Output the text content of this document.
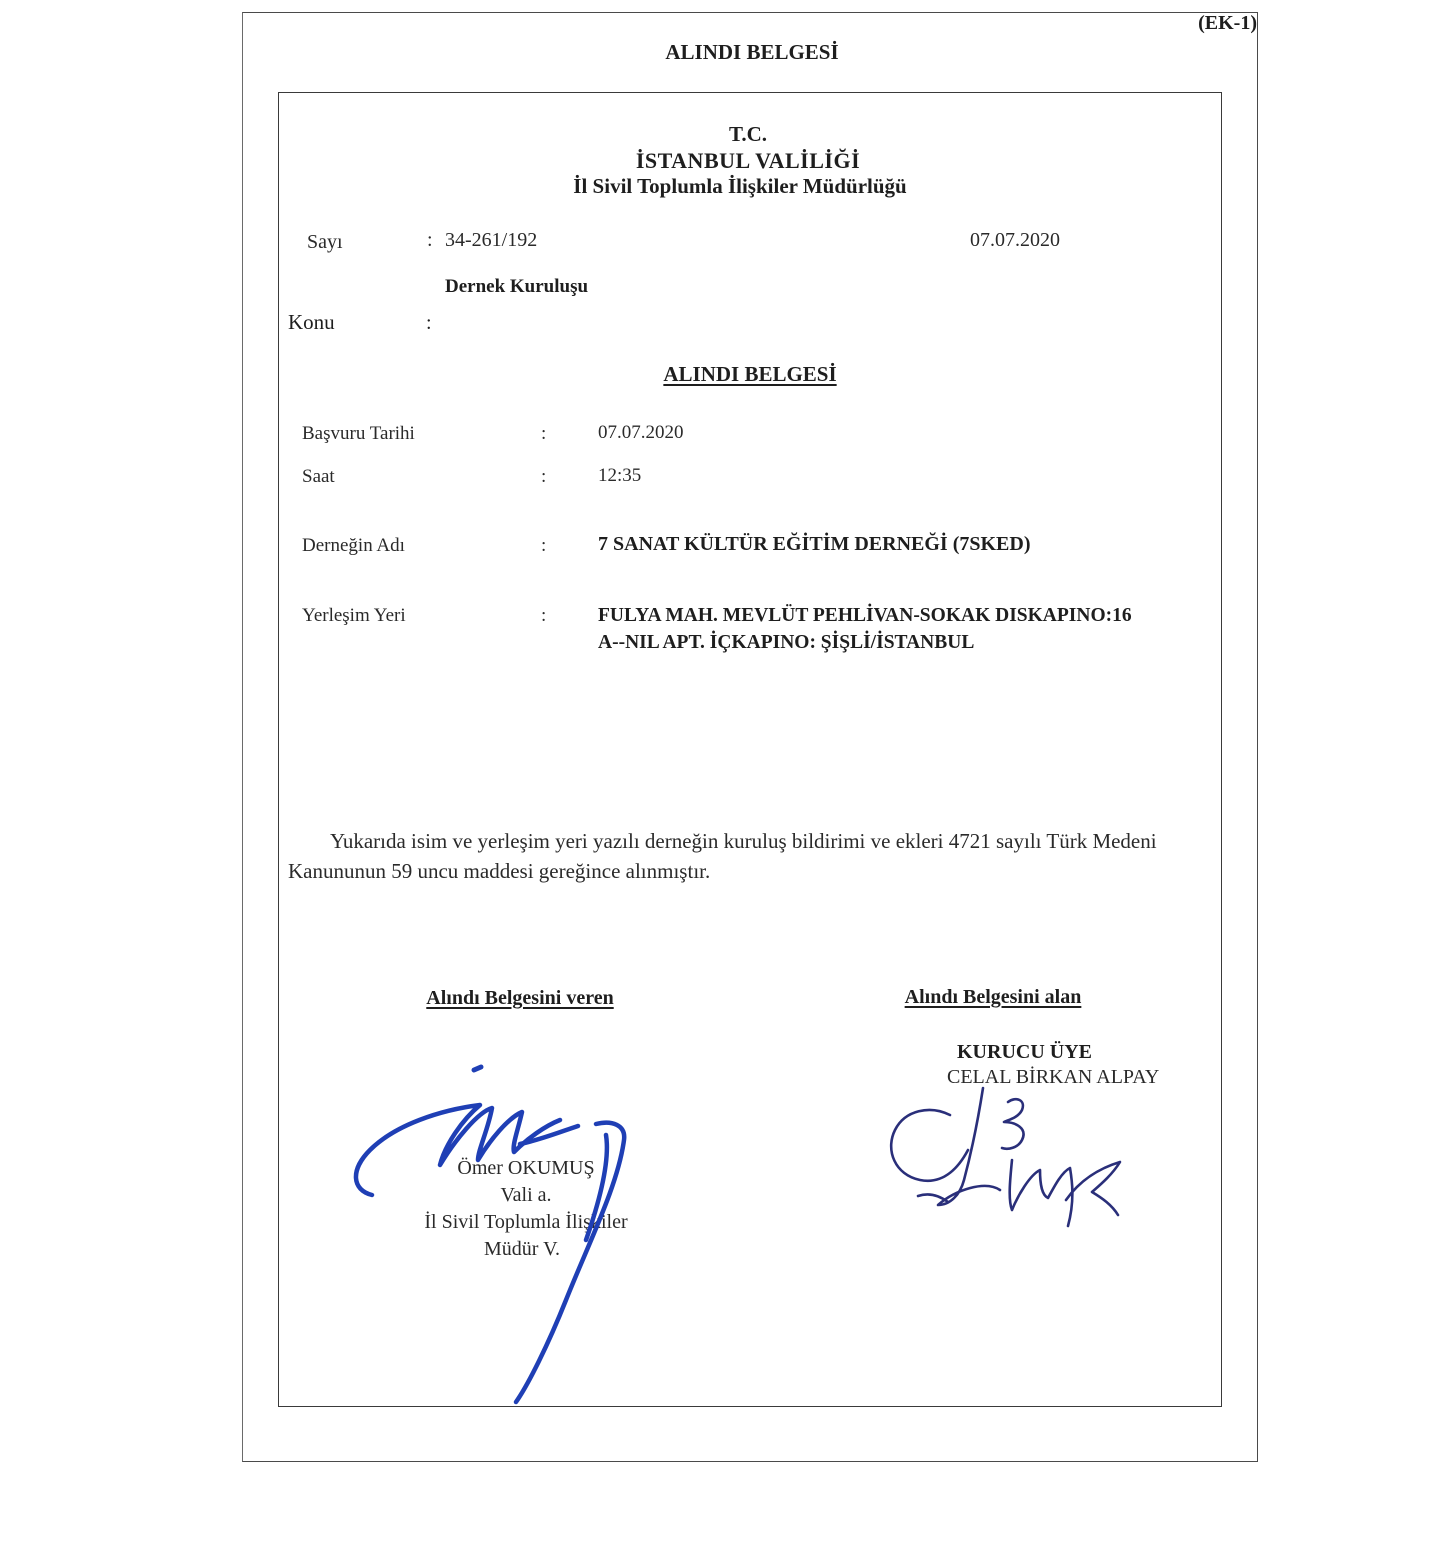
(EK-1)
ALINDI BELGESİ
T.C.
İSTANBUL VALİLİĞİ
İl Sivil Toplumla İlişkiler Müdürlüğü
Sayı	: 34-261/192	07.07.2020
Dernek Kuruluşu
Konu	:
ALINDI BELGESİ
Başvuru Tarihi	:	07.07.2020
Saat	:	12:35
Derneğin Adı	:	7 SANAT KÜLTÜR EĞİTİM DERNEĞİ (7SKED)
Yerleşim Yeri	:	FULYA MAH. MEVLÜT PEHLİVAN-SOKAK DISKAPINO:16
A--NIL APT. İÇKAPINO: ŞİŞLİ/İSTANBUL
Yukarıda isim ve yerleşim yeri yazılı derneğin kuruluş bildirimi ve ekleri 4721 sayılı Türk Medeni Kanununun 59 uncu maddesi gereğince alınmıştır.
Alındı Belgesini veren	Alındı Belgesini alan
KURUCU ÜYE
CELAL BİRKAN ALPAY
Ömer OKUMUŞ
Vali a.
İl Sivil Toplumla İlişkiler
Müdür V.
